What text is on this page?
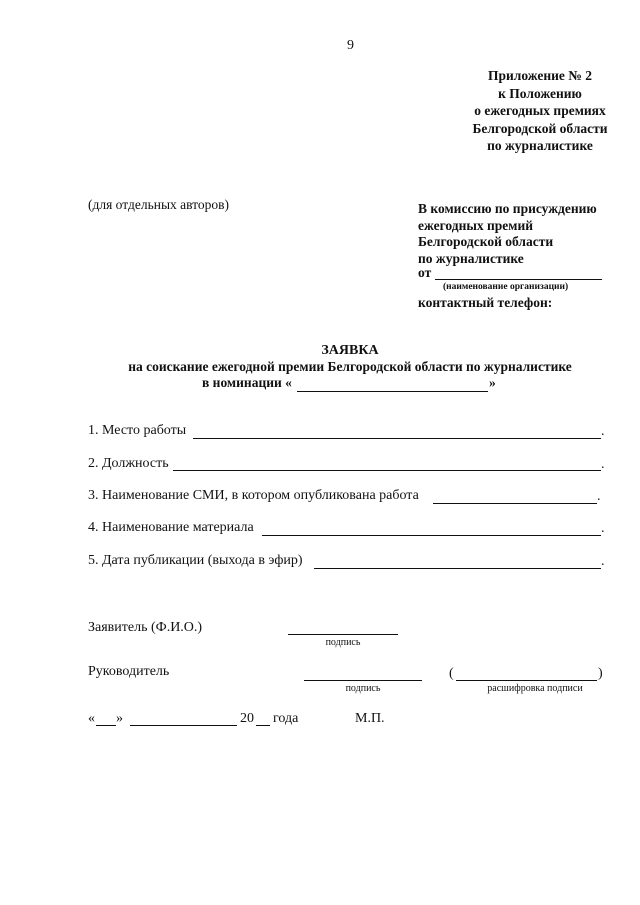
9
Приложение № 2
к Положению
о ежегодных премиях
Белгородской области
по журналистике
(для отдельных авторов)	В комиссию по присуждению
ежегодных премий
Белгородской области
по журналистике
от
(наименование организации)
контактный телефон:
ЗАЯВКА
на соискание ежегодной премии Белгородской области по журналистике
в номинации «	»
1. Место работы	.
2. Должность	.
3. Наименование СМИ, в котором опубликована работа	.
4. Наименование материала	.
5. Дата публикации (выхода в эфир)	.
Заявитель (Ф.И.О.)
подпись
Руководитель
подпись
(	)
расшифровка подписи
« »	20 года	М.П.
